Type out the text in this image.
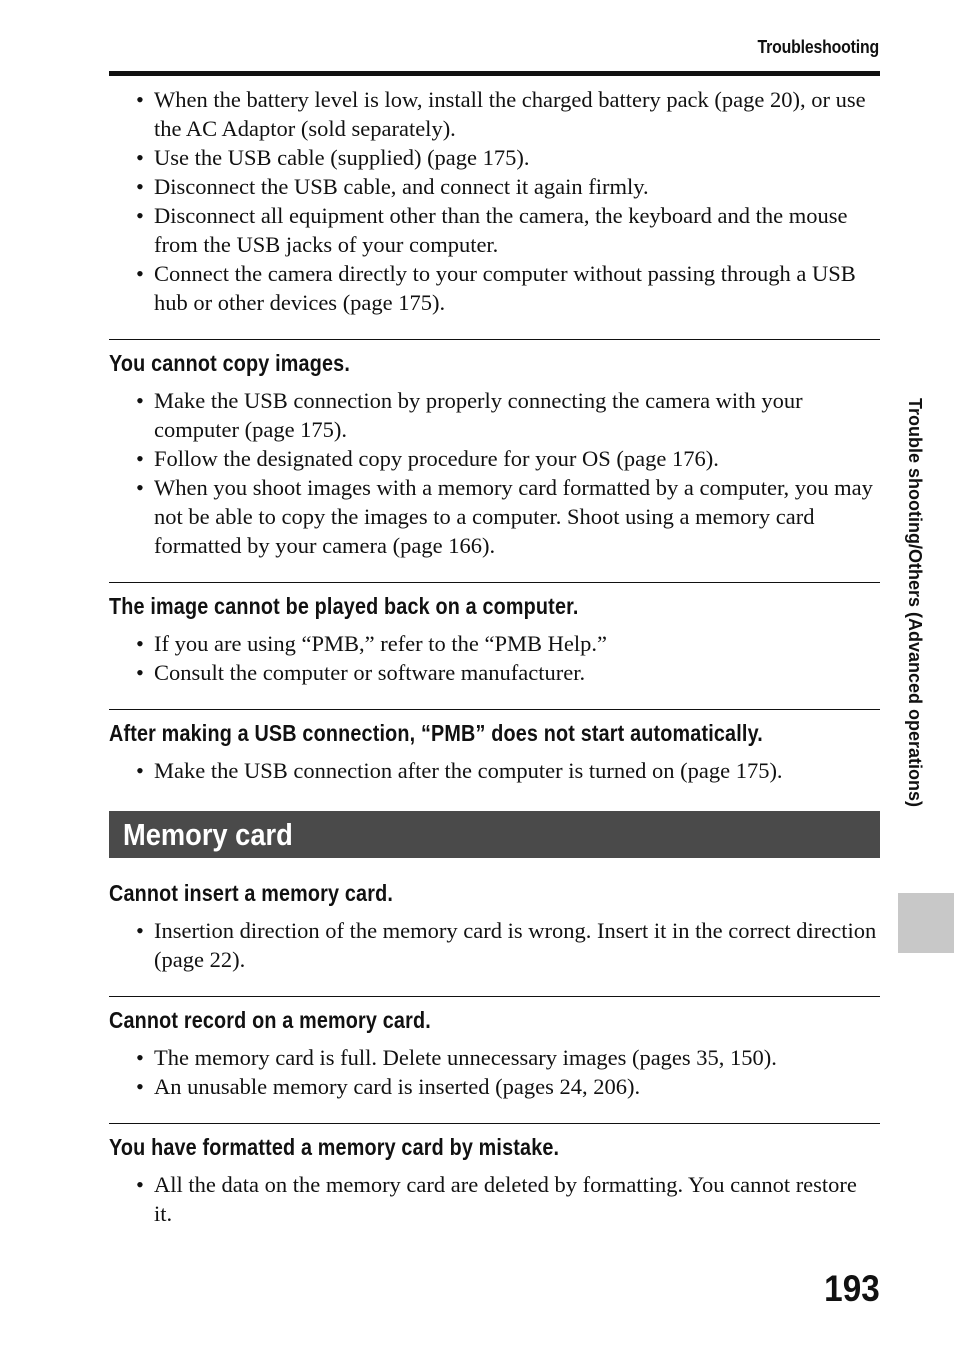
Troubleshooting
• When the battery level is low, install the charged battery pack (page 20), or use the AC Adaptor (sold separately).
• Use the USB cable (supplied) (page 175).
• Disconnect the USB cable, and connect it again firmly.
• Disconnect all equipment other than the camera, the keyboard and the mouse from the USB jacks of your computer.
• Connect the camera directly to your computer without passing through a USB hub or other devices (page 175).
You cannot copy images.
• Make the USB connection by properly connecting the camera with your computer (page 175).
• Follow the designated copy procedure for your OS (page 176).
• When you shoot images with a memory card formatted by a computer, you may not be able to copy the images to a computer. Shoot using a memory card formatted by your camera (page 166).
The image cannot be played back on a computer.
• If you are using “PMB,” refer to the “PMB Help.”
• Consult the computer or software manufacturer.
After making a USB connection, “PMB” does not start automatically.
• Make the USB connection after the computer is turned on (page 175).
Memory card
Cannot insert a memory card.
• Insertion direction of the memory card is wrong. Insert it in the correct direction (page 22).
Cannot record on a memory card.
• The memory card is full. Delete unnecessary images (pages 35, 150).
• An unusable memory card is inserted (pages 24, 206).
You have formatted a memory card by mistake.
• All the data on the memory card are deleted by formatting. You cannot restore it.
Trouble shooting/Others (Advanced operations)
193
